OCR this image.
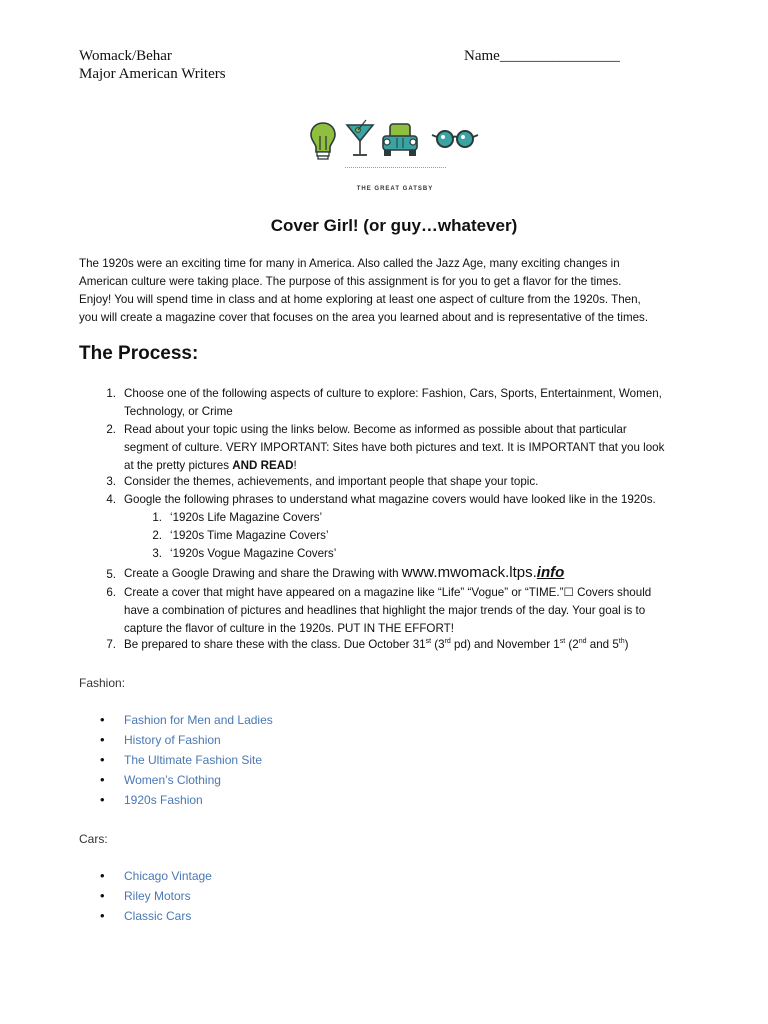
Womack/Behar
Major American Writers
Name________________
……………………………………………
THE GREAT GATSBY
Cover Girl! (or guy…whatever)
The 1920s were an exciting time for many in America. Also called the Jazz Age, many exciting changes in
American culture were taking place. The purpose of this assignment is for you to get a flavor for the times.
Enjoy! You will spend time in class and at home exploring at least one aspect of culture from the 1920s. Then,
you will create a magazine cover that focuses on the area you learned about and is representative of the times.
The Process:
1. Choose one of the following aspects of culture to explore: Fashion, Cars, Sports, Entertainment, Women,
Technology, or Crime
2. Read about your topic using the links below. Become as informed as possible about that particular
segment of culture. VERY IMPORTANT: Sites have both pictures and text. It is IMPORTANT that you look
at the pretty pictures AND READ!
3. Consider the themes, achievements, and important people that shape your topic.
4. Google the following phrases to understand what magazine covers would have looked like in the 1920s.
1. ‘1920s Life Magazine Covers’
2. ‘1920s Time Magazine Covers’
3. ‘1920s Vogue Magazine Covers’
5. Create a Google Drawing and share the Drawing with www.mwomack.ltps.info
6. Create a cover that might have appeared on a magazine like “Life” “Vogue” or “TIME.”☐ Covers should
have a combination of pictures and headlines that highlight the major trends of the day. Your goal is to
capture the flavor of culture in the 1920s. PUT IN THE EFFORT!
7. Be prepared to share these with the class. Due October 31st (3rd pd) and November 1st (2nd and 5th)
Fashion:
• Fashion for Men and Ladies
• History of Fashion
• The Ultimate Fashion Site
• Women’s Clothing
• 1920s Fashion
Cars:
• Chicago Vintage
• Riley Motors
• Classic Cars
